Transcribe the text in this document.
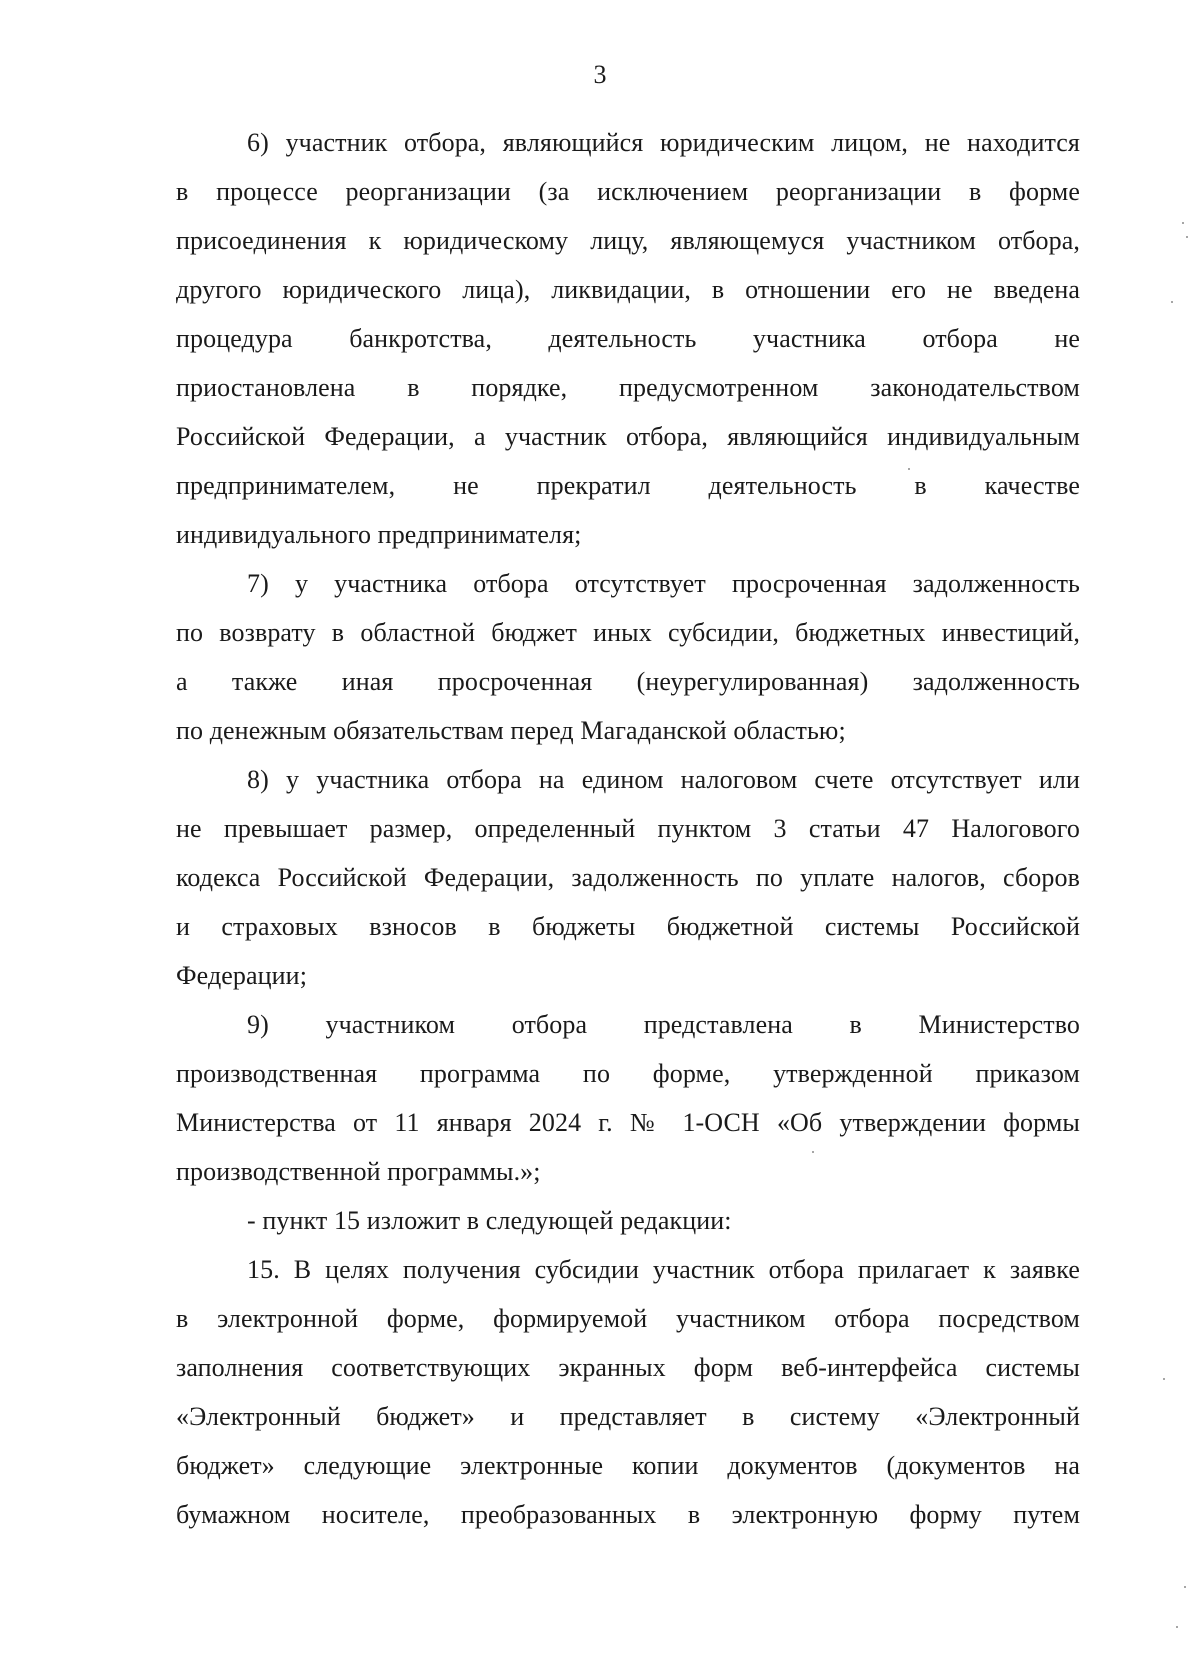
3
6) участник отбора, являющийся юридическим лицом, не находится
в процессе реорганизации (за исключением реорганизации в форме
присоединения к юридическому лицу, являющемуся участником отбора,
другого юридического лица), ликвидации, в отношении его не введена
процедура банкротства, деятельность участника отбора не
приостановлена в порядке, предусмотренном законодательством
Российской Федерации, а участник отбора, являющийся индивидуальным
предпринимателем, не прекратил деятельность в качестве
индивидуального предпринимателя;
7) у участника отбора отсутствует просроченная задолженность
по возврату в областной бюджет иных субсидии, бюджетных инвестиций,
а также иная просроченная (неурегулированная) задолженность
по денежным обязательствам перед Магаданской областью;
8) у участника отбора на едином налоговом счете отсутствует или
не превышает размер, определенный пунктом 3 статьи 47 Налогового
кодекса Российской Федерации, задолженность по уплате налогов, сборов
и страховых взносов в бюджеты бюджетной системы Российской
Федерации;
9) участником отбора представлена в Министерство
производственная программа по форме, утвержденной приказом
Министерства от 11 января 2024 г. № 1-ОСН «Об утверждении формы
производственной программы.»;
- пункт 15 изложит в следующей редакции:
15. В целях получения субсидии участник отбора прилагает к заявке
в электронной форме, формируемой участником отбора посредством
заполнения соответствующих экранных форм веб-интерфейса системы
«Электронный бюджет» и представляет в систему «Электронный
бюджет» следующие электронные копии документов (документов на
бумажном носителе, преобразованных в электронную форму путем
